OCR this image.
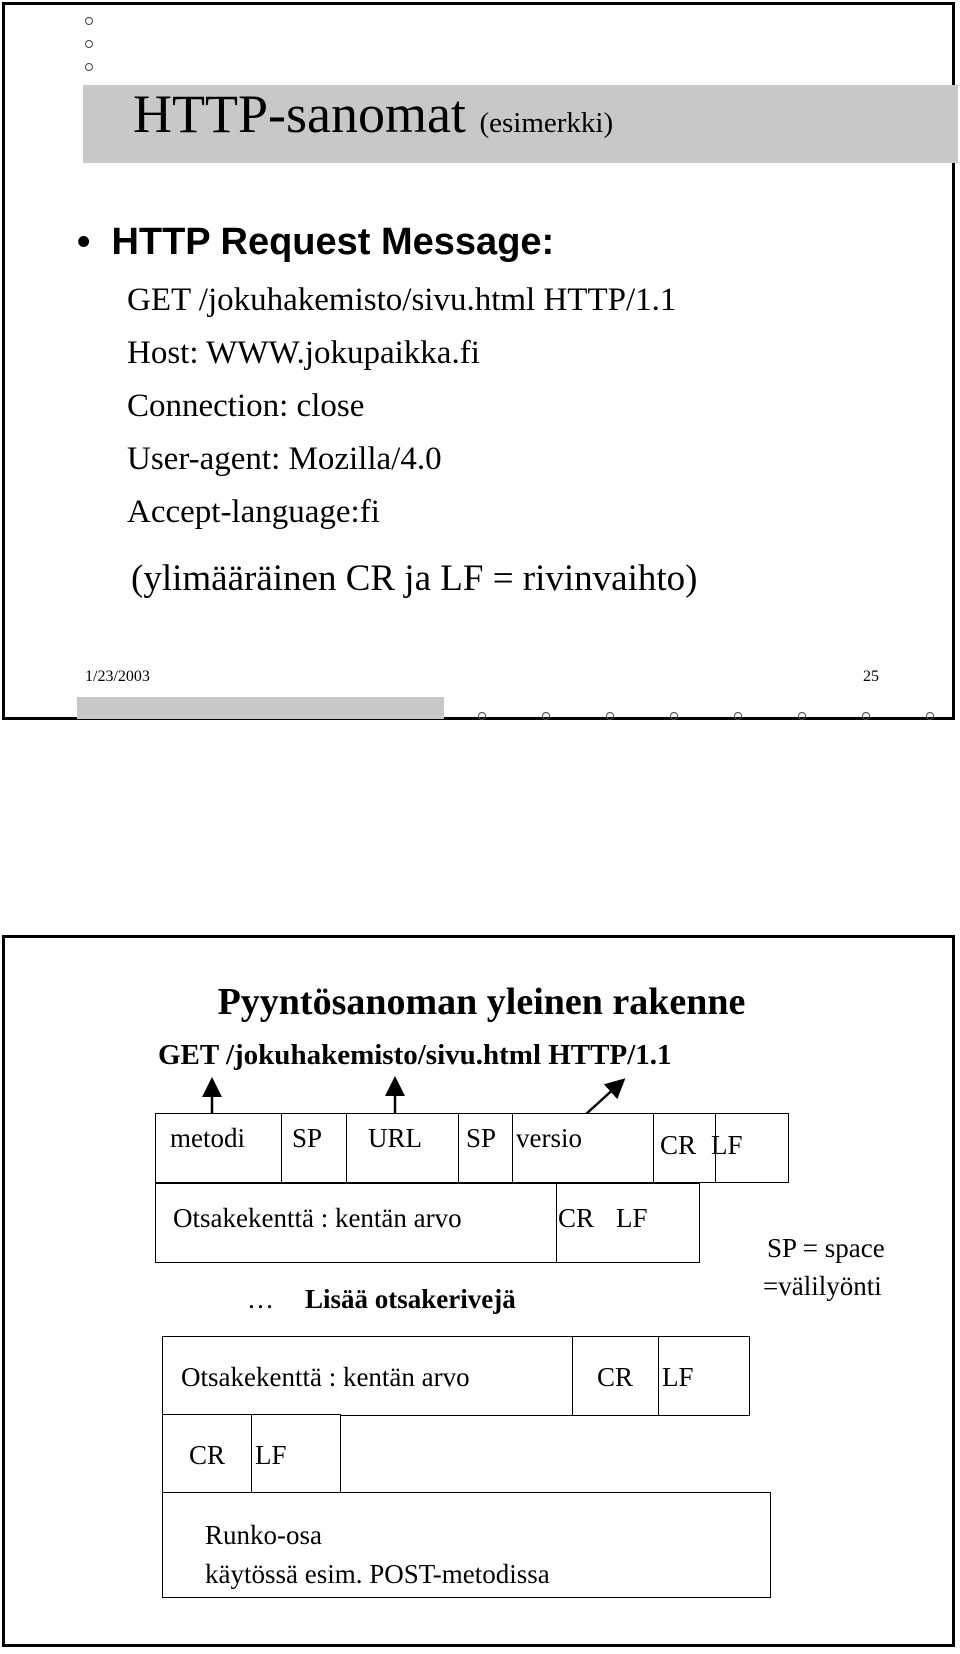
HTTP-sanomat (esimerkki)
• HTTP Request Message:
GET /jokuhakemisto/sivu.html HTTP/1.1
Host: WWW.jokupaikka.fi
Connection: close
User-agent: Mozilla/4.0
Accept-language:fi
(ylimääräinen CR ja LF = rivinvaihto)
1/23/2003	25
Pyyntösanoman yleinen rakenne
GET /jokuhakemisto/sivu.html HTTP/1.1
metodi SP URL SP versio	CR LF
Otsakekenttä : kentän arvo	CR LF
… Lisää otsakerivejä
SP = space
=välilyönti
Otsakekenttä : kentän arvo	CR LF
CR LF
Runko-osa
käytössä esim. POST-metodissa
